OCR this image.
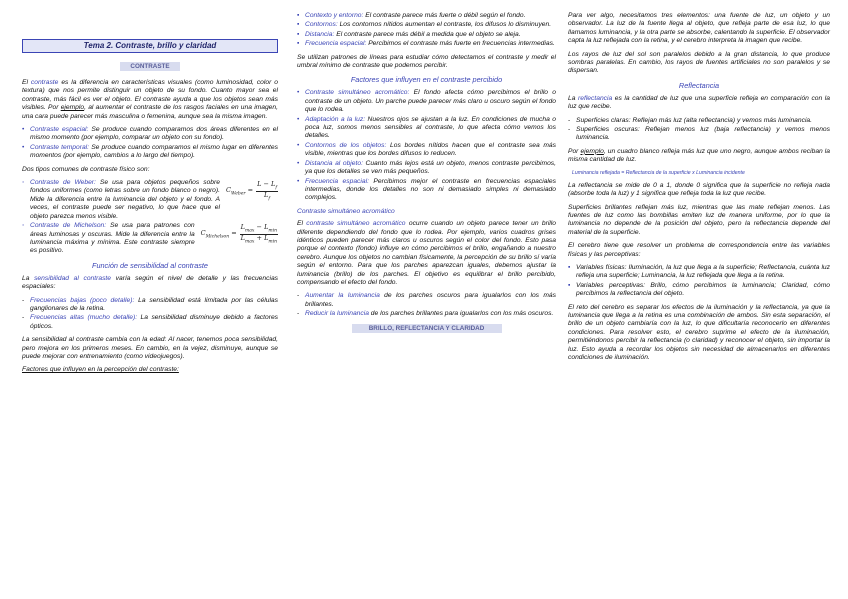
Tema 2. Contraste, brillo y claridad
CONTRASTE

El contraste es la diferencia en características visuales (como luminosidad, color o textura) que nos permite distinguir un objeto de su fondo. Cuanto mayor sea el contraste, más fácil es ver el objeto. El contraste ayuda a que los objetos sean más visibles. Por ejemplo, al aumentar el contraste de los rasgos faciales en una imagen, una cara puede parecer más masculina o femenina, aunque sea la misma imagen.

• Contraste espacial: Se produce cuando comparamos dos áreas diferentes en el mismo momento (por ejemplo, comparar un objeto con su fondo).
• Contraste temporal: Se produce cuando comparamos el mismo lugar en diferentes momentos (por ejemplo, cambios a lo largo del tiempo).

Dos tipos comunes de contraste físico son:

◦ $C_{Weber} = \frac{L - L_f}{L_f}$
Contraste de Weber: Se usa para objetos pequeños sobre fondos uniformes (como letras sobre un fondo blanco o negro). Mide la diferencia entre la luminancia del objeto y el fondo. A veces, el contraste puede ser negativo, lo que hace que el objeto parezca menos visible.
◦ $C_{Michelson} = \frac{L_{max} - L_{min}}{L_{max} + L_{min}}$
Contraste de Michelson: Se usa para patrones con áreas luminosas y oscuras. Mide la diferencia entre la luminancia máxima y mínima. Este contraste siempre es positivo.
Función de sensibilidad al contraste

La sensibilidad al contraste varía según el nivel de detalle y las frecuencias espaciales:

- Frecuencias bajas (poco detalle): La sensibilidad está limitada por las células ganglionares de la retina.
- Frecuencias altas (mucho detalle): La sensibilidad disminuye debido a factores ópticos.

La sensibilidad al contraste cambia con la edad: Al nacer, tenemos poca sensibilidad, pero mejora en los primeros meses. En cambio, en la vejez, disminuye, aunque se puede mejorar con entrenamiento (como videojuegos).

Factores que influyen en la percepción del contraste:

▪ Contexto y entorno: El contraste parece más fuerte o débil según el fondo.
▪ Contornos: Los contornos nítidos aumentan el contraste, los difusos lo disminuyen.
▪ Distancia: El contraste parece más débil a medida que el objeto se aleja.
▪ Frecuencia espacial: Percibimos el contraste más fuerte en frecuencias intermedias.

Se utilizan patrones de líneas para estudiar cómo detectamos el contraste y medir el umbral mínimo de contraste que podemos percibir.

Factores que influyen en el contraste percibido
• Contraste simultáneo acromático: El fondo afecta cómo percibimos el brillo o contraste de un objeto. Un parche puede parecer más claro u oscuro según el fondo que lo rodea.
• Adaptación a la luz: Nuestros ojos se ajustan a la luz. En condiciones de mucha o poca luz, somos menos sensibles al contraste, lo que afecta cómo vemos los detalles.
• Contornos de los objetos: Los bordes nítidos hacen que el contraste sea más visible, mientras que los bordes difusos lo reducen.
• Distancia al objeto: Cuanto más lejos está un objeto, menos contraste percibimos, ya que los detalles se ven más pequeños.
• Frecuencia espacial: Percibimos mejor el contraste en frecuencias espaciales intermedias, donde los detalles no son ni demasiado simples ni demasiado complejos.
Contraste simultáneo acromático

El contraste simultáneo acromático ocurre cuando un objeto parece tener un brillo diferente dependiendo del fondo que lo rodea. Por ejemplo, varios cuadros grises idénticos pueden parecer más claros u oscuros según el color del fondo. Esto pasa porque el contexto (fondo) influye en cómo percibimos el brillo, engañando a nuestro cerebro. Aunque los objetos no cambian físicamente, la percepción de su brillo sí varía según el entorno. Para que los parches aparezcan iguales, debemos ajustar la luminancia (brillo) de los parches. El objetivo es equilibrar el brillo percibido, compensando el efecto del fondo.

- Aumentar la luminancia de los parches oscuros para igualarlos con los más brillantes.
- Reducir la luminancia de los parches brillantes para igualarlos con los más oscuros.
BRILLO, REFLECTANCIA Y CLARIDAD

Para ver algo, necesitamos tres elementos: una fuente de luz, un objeto y un observador. La luz de la fuente llega al objeto, que refleja parte de esa luz, lo que llamamos luminancia, y la otra parte se absorbe, calentando la superficie. El observador capta la luz reflejada con la retina, y el cerebro interpreta la imagen que recibe.

Los rayos de luz del sol son paralelos debido a la gran distancia, lo que produce sombras paralelas. En cambio, los rayos de fuentes artificiales no son paralelos y se dispersan.

Reflectancia

La reflectancia es la cantidad de luz que una superficie refleja en comparación con la luz que recibe.

- Superficies claras: Reflejan más luz (alta reflectancia) y vemos más luminancia.
- Superficies oscuras: Reflejan menos luz (baja reflectancia) y vemos menos luminancia.

Por ejemplo, un cuadro blanco refleja más luz que uno negro, aunque ambos reciban la misma cantidad de luz.

Luminancia reflejada = Reflectancia de la superficie x Luminancia incidente

La reflectancia se mide de 0 a 1, donde 0 significa que la superficie no refleja nada (absorbe toda la luz) y 1 significa que refleja toda la luz que recibe.

Superficies brillantes reflejan más luz, mientras que las mate reflejan menos. Las fuentes de luz como las bombillas emiten luz de manera uniforme, por lo que la luminancia no depende de la posición del objeto, pero la reflectancia depende del material de la superficie.

El cerebro tiene que resolver un problema de correspondencia entre las variables físicas y las perceptivas:

▪ Variables físicas: Iluminación, la luz que llega a la superficie; Reflectancia, cuánta luz refleja una superficie; Luminancia, la luz reflejada que llega a la retina.
▪ Variables perceptivas: Brillo, cómo percibimos la luminancia; Claridad, cómo percibimos la reflectancia del objeto.

El reto del cerebro es separar los efectos de la iluminación y la reflectancia, ya que la luminancia que llega a la retina es una combinación de ambos. Sin esta separación, el brillo de un objeto cambiaría con la luz, lo que dificultaría reconocerlo en diferentes condiciones. Para resolver esto, el cerebro suprime el efecto de la iluminación, permitiéndonos percibir la reflectancia (o claridad) y reconocer el objeto, sin importar la luz. Esto ayuda a recordar los objetos sin necesidad de almacenarlos en diferentes condiciones de iluminación.
